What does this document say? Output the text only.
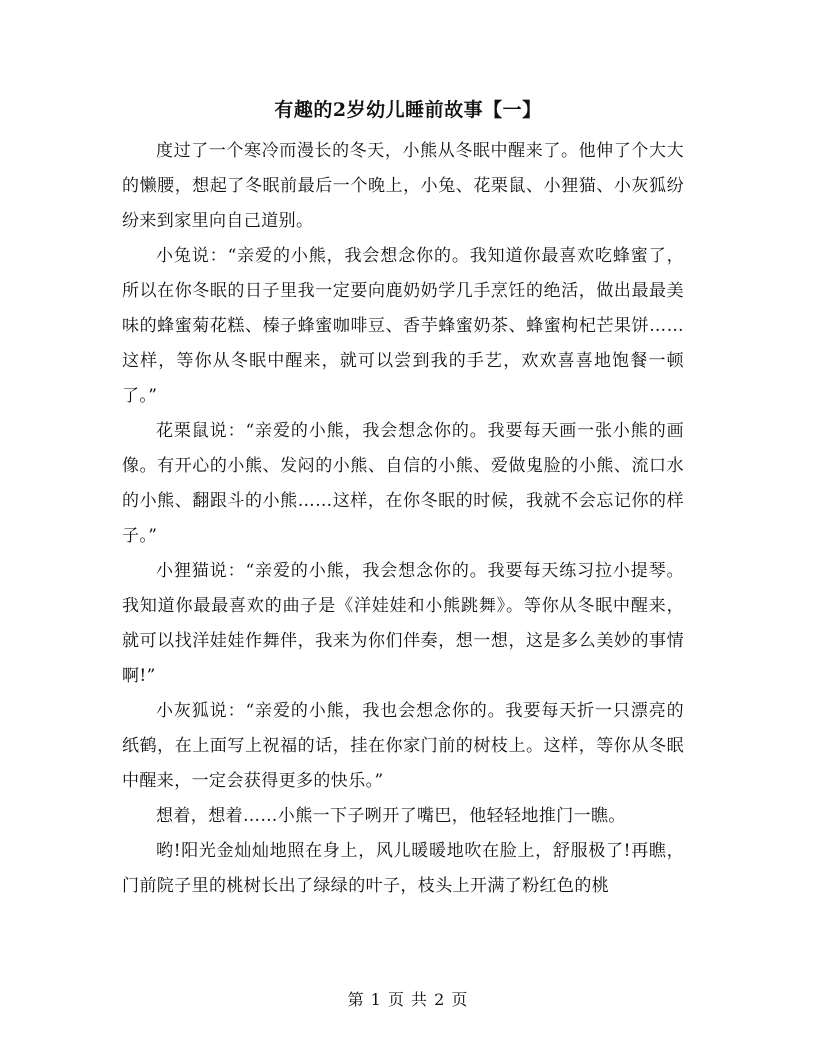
有趣的2岁幼儿睡前故事【一】

度过了一个寒冷而漫长的冬天，小熊从冬眠中醒来了。他伸了个大大的懒腰，想起了冬眠前最后一个晚上，小兔、花栗鼠、小狸猫、小灰狐纷纷来到家里向自己道别。

小兔说：“亲爱的小熊，我会想念你的。我知道你最喜欢吃蜂蜜了，所以在你冬眠的日子里我一定要向鹿奶奶学几手烹饪的绝活，做出最最美味的蜂蜜菊花糕、榛子蜂蜜咖啡豆、香芋蜂蜜奶茶、蜂蜜枸杞芒果饼……这样，等你从冬眠中醒来，就可以尝到我的手艺，欢欢喜喜地饱餐一顿了。”

花栗鼠说：“亲爱的小熊，我会想念你的。我要每天画一张小熊的画像。有开心的小熊、发闷的小熊、自信的小熊、爱做鬼脸的小熊、流口水的小熊、翻跟斗的小熊……这样，在你冬眠的时候，我就不会忘记你的样子。”

小狸猫说：“亲爱的小熊，我会想念你的。我要每天练习拉小提琴。我知道你最最喜欢的曲子是《洋娃娃和小熊跳舞》。等你从冬眠中醒来，就可以找洋娃娃作舞伴，我来为你们伴奏，想一想，这是多么美妙的事情啊!”

小灰狐说：“亲爱的小熊，我也会想念你的。我要每天折一只漂亮的纸鹤，在上面写上祝福的话，挂在你家门前的树枝上。这样，等你从冬眠中醒来，一定会获得更多的快乐。”

想着，想着……小熊一下子咧开了嘴巴，他轻轻地推门一瞧。

哟!阳光金灿灿地照在身上，风儿暖暖地吹在脸上，舒服极了!再瞧，门前院子里的桃树长出了绿绿的叶子，枝头上开满了粉红色的桃

第 1 页 共 2 页
